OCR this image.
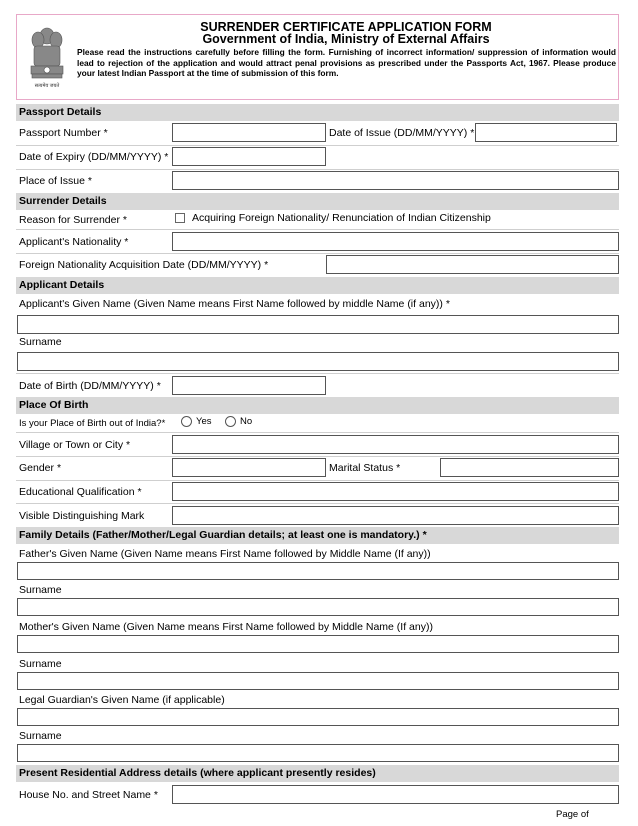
सत्यमेव जयते
SURRENDER CERTIFICATE APPLICATION FORM
Government of India, Ministry of External Affairs
Please read the instructions carefully before filling the form. Furnishing of incorrect information/ suppression of information would lead to rejection of the application and would attract penal provisions as prescribed under the Passports Act, 1967. Please produce your latest Indian Passport at the time of submission of this form.
Passport Details
Passport Number *	Date of Issue (DD/MM/YYYY) *
Date of Expiry (DD/MM/YYYY) *
Place of Issue *
Surrender Details
Reason for Surrender *	Acquiring Foreign Nationality/ Renunciation of Indian Citizenship
Applicant's Nationality *
Foreign Nationality Acquisition Date (DD/MM/YYYY) *
Applicant Details
Applicant's Given Name (Given Name means First Name followed by middle Name (if any)) *
Surname
Date of Birth (DD/MM/YYYY) *
Place Of Birth
Is your Place of Birth out of India?*	Yes	No
Village or Town or City *
Gender *	Marital Status *
Educational Qualification *
Visible Distinguishing Mark
Family Details (Father/Mother/Legal Guardian details; at least one is mandatory.) *
Father's Given Name (Given Name means First Name followed by Middle Name (If any))
Surname
Mother's Given Name (Given Name means First Name followed by Middle Name (If any))
Surname
Legal Guardian's Given Name (if applicable)
Surname
Present Residential Address details (where applicant presently resides)
House No. and Street Name *
Page of
